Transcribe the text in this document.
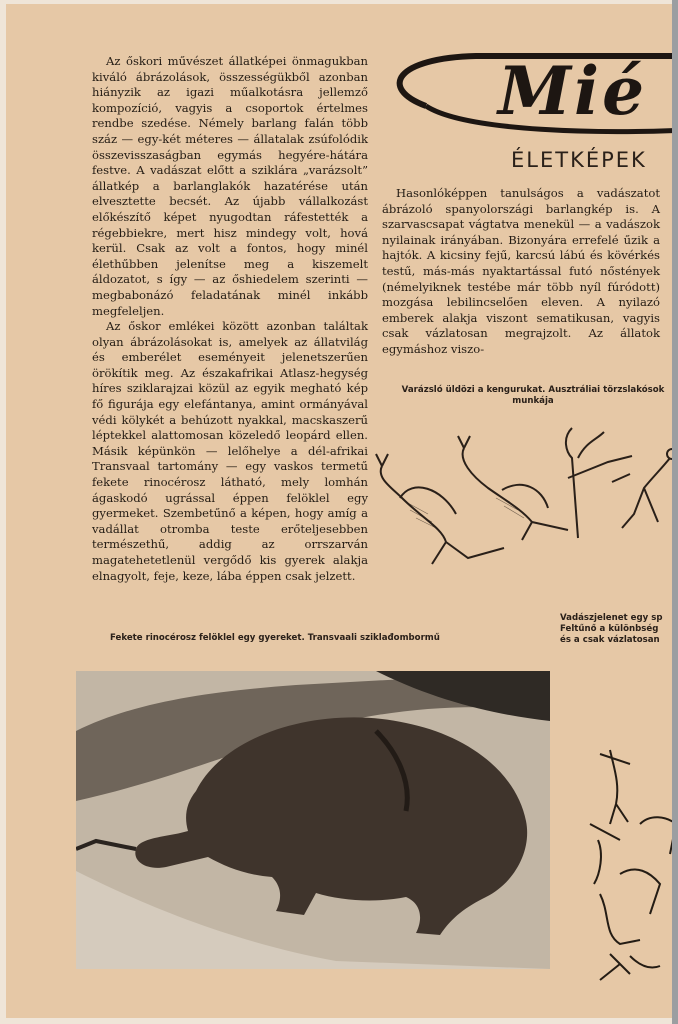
Az őskori művészet állatképei önmagukban kiváló ábrázolások, összességükből azonban hiányzik az igazi műalkotásra jellemző kompozíció, vagyis a csoportok értelmes rendbe szedése. Némely barlang falán több száz — egy-két méteres — állatalak zsúfolódik összevisszaságban egymás hegyére-hátára festve. A vadászat előtt a sziklára „varázsolt” állatkép a barlanglakók hazatérése után elvesztette becsét. Az újabb vállalkozást előkészítő képet nyugodtan ráfestették a régebbiekre, mert hisz mindegy volt, hová kerül. Csak az volt a fontos, hogy minél élethűbben jelenítse meg a kiszemelt áldozatot, s így — az őshiedelem szerinti — megbabonázó feladatának minél inkább megfeleljen.

Az őskor emlékei között azonban találtak olyan ábrázolásokat is, amelyek az állatvilág és emberélet eseményeit jelenetszerűen örökítik meg. Az északafrikai Atlasz-hegység híres sziklarajzai közül az egyik megható kép fő figurája egy elefántanya, amint ormányával védi kölykét a behúzott nyakkal, macskaszerű léptekkel alattomosan közeledő leopárd ellen. Másik képünkön — lelőhelye a dél-afrikai Transvaal tartomány — egy vaskos termetű fekete rinocérosz látható, mely lomhán ágaskodó ugrással éppen felöklel egy gyermeket. Szembetűnő a képen, hogy amíg a vadállat otromba teste erőteljesebben természethű, addig az orrszarván magatehetetlenül vergődő kis gyerek alakja elnagyolt, feje, keze, lába éppen csak jelzett.

Mié
ÉLETKÉPEK

Hasonlóképpen tanulságos a vadászatot ábrázoló spanyolországi barlangkép is. A szarvascsapat vágtatva menekül — a vadászok nyilainak irányában. Bizonyára errefelé űzik a hajtók. A kicsiny fejű, karcsú lábú és kövérkés testű, más-más nyaktartással futó nőstények (némelyiknek testébe már több nyíl fúródott) mozgása lebilincselően eleven. A nyilazó emberek alakja viszont sematikusan, vagyis csak vázlatosan megrajzolt. Az állatok egymáshoz viszo-

Varázsló üldözi a kengurukat. Ausztráliai törzslakósok munkája
Fekete rinocérosz felöklel egy gyereket. Transvaali sziklađombormű
Vadászjelenet egy sp
Feltűnő a különbség
és a csak vázlatosan
